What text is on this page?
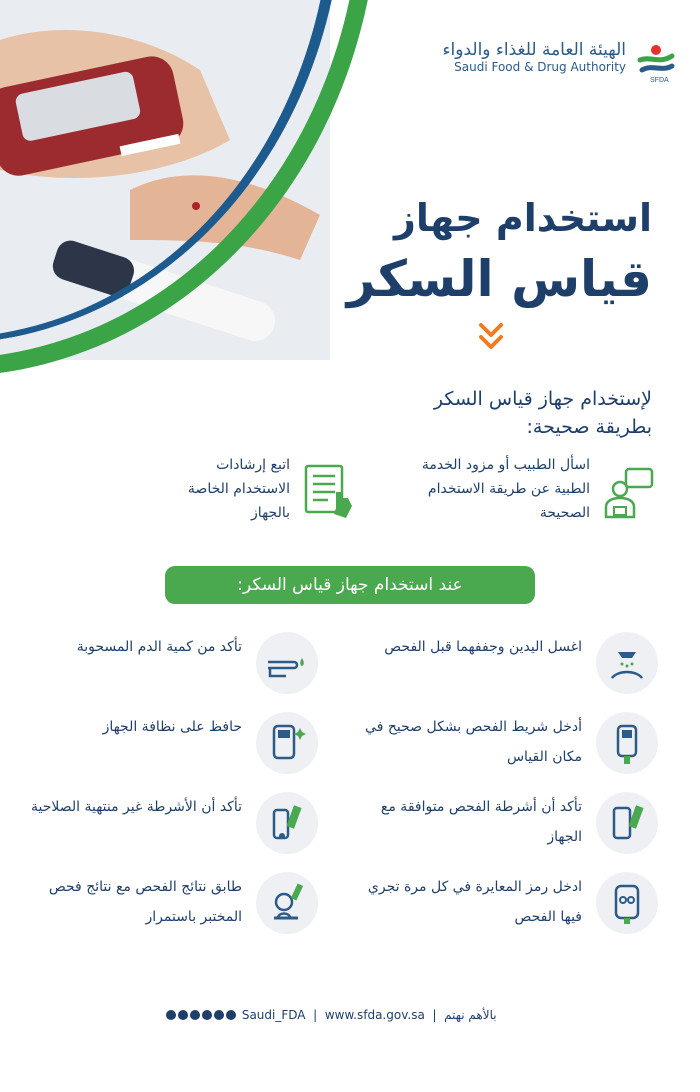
الهيئة العامة للغذاء والدواء
Saudi Food & Drug Authority
SFDA
استخدام جهاز
قياس السكر
لإستخدام جهاز قياس السكر
بطريقة صحيحة:
اسأل الطبيب أو مزود الخدمة الطبية عن طريقة الاستخدام الصحيحة
اتبع إرشادات الاستخدام الخاصة بالجهاز
عند استخدام جهاز قياس السكر:
اغسل اليدين وجففهما قبل الفحص
أدخل شريط الفحص بشكل صحيح في مكان القياس
تأكد أن أشرطة الفحص متوافقة مع الجهاز
ادخل رمز المعايرة في كل مرة تجري فيها الفحص
تأكد من كمية الدم المسحوبة
حافظ على نظافة الجهاز
تأكد أن الأشرطة غير منتهية الصلاحية
طابق نتائج الفحص مع نتائج فحص المختبر باستمرار
Saudi_FDA  |  www.sfda.gov.sa  |  بالأهم نهتم
